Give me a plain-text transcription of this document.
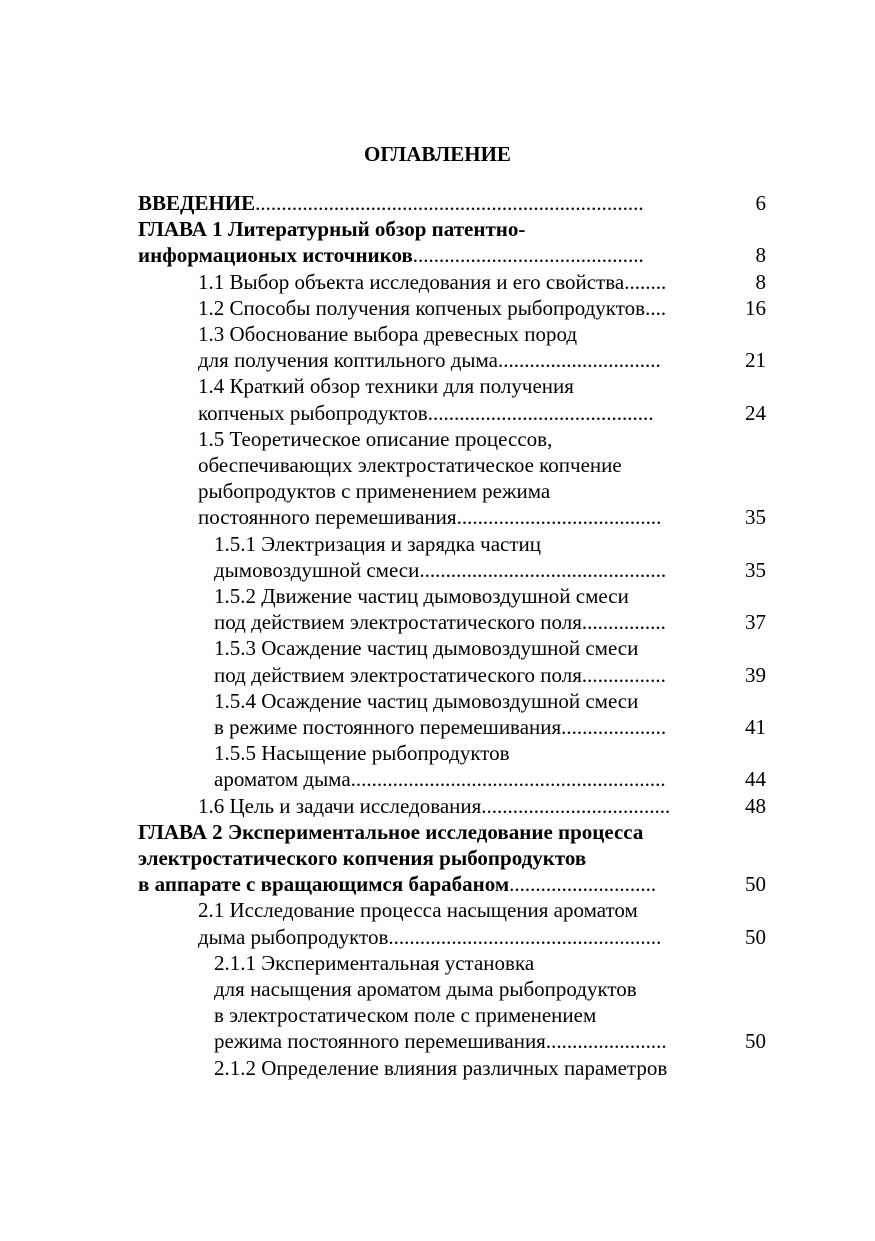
ОГЛАВЛЕНИЕ
ВВЕДЕНИЕ..........................................................................	6
ГЛАВА 1 Литературный обзор патентно-
информационых источников............................................	8
1.1 Выбор объекта исследования и его свойства........	8
1.2 Способы получения копченых рыбопродуктов....	16
1.3 Обоснование выбора древесных пород
для получения коптильного дыма...............................	21
1.4 Краткий обзор техники для получения
копченых рыбопродуктов...........................................	24
1.5 Теоретическое описание процессов,
обеспечивающих электростатическое копчение
рыбопродуктов с применением режима
постоянного перемешивания.......................................	35
1.5.1 Электризация и зарядка частиц
дымовоздушной смеси...............................................	35
1.5.2 Движение частиц дымовоздушной смеси
под действием электростатического поля................	37
1.5.3 Осаждение частиц дымовоздушной смеси
под действием электростатического поля................	39
1.5.4 Осаждение частиц дымовоздушной смеси
в режиме постоянного перемешивания....................	41
1.5.5 Насыщение рыбопродуктов
ароматом дыма............................................................	44
1.6 Цель и задачи исследования....................................	48
ГЛАВА 2 Экспериментальное исследование процесса
электростатического копчения рыбопродуктов
в аппарате с вращающимся барабаном............................	50
2.1 Исследование процесса насыщения ароматом
дыма рыбопродуктов....................................................	50
2.1.1 Экспериментальная установка
для насыщения ароматом дыма рыбопродуктов
в электростатическом поле с применением
режима постоянного перемешивания.......................	50
2.1.2 Определение влияния различных параметров
